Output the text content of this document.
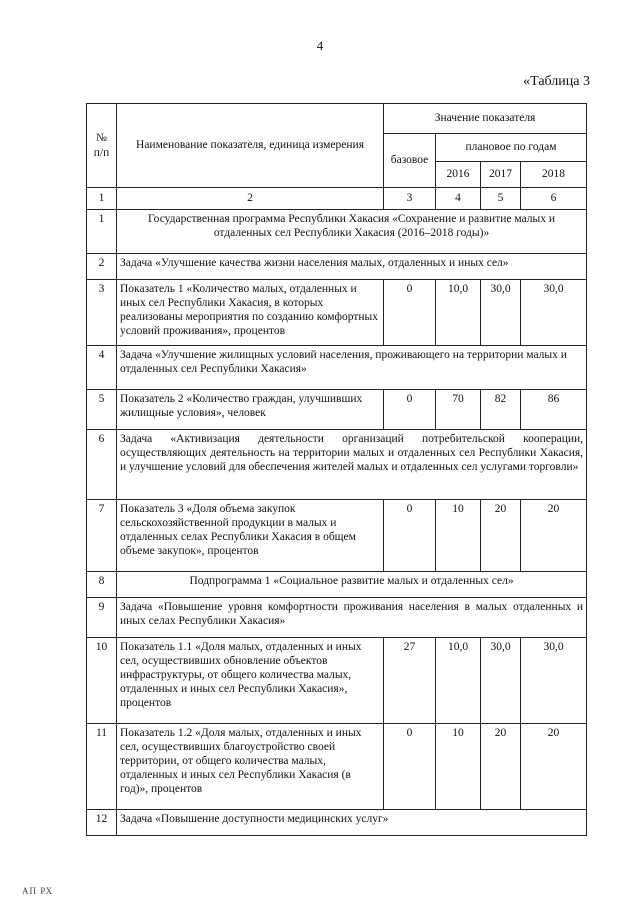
4
«Таблица 3
№ п/п	Наименование показателя, единица измерения	Значение показателя			
		базовое	плановое по годам		
			2016	2017	2018
1	2	3	4	5	6
1	Государственная программа Республики Хакасия «Сохранение и развитие малых и отдаленных сел Республики Хакасия (2016–2018 годы)»				
2	Задача «Улучшение качества жизни населения малых, отдаленных и иных сел»				
3	Показатель 1 «Количество малых, отдаленных и иных сел Республики Хакасия, в которых реализованы мероприятия по созданию комфортных условий проживания», процентов	0	10,0	30,0	30,0
4	Задача «Улучшение жилищных условий населения, проживающего на территории малых и отдаленных сел Республики Хакасия»				
5	Показатель 2 «Количество граждан, улучшивших жилищные условия», человек	0	70	82	86
6	Задача «Активизация деятельности организаций потребительской кооперации, осуществляющих деятельность на территории малых и отдаленных сел Республики Хакасия, и улучшение условий для обеспечения жителей малых и отдаленных сел услугами торговли»				
7	Показатель 3 «Доля объема закупок сельскохозяйственной продукции в малых и отдаленных селах Республики Хакасия в общем объеме закупок», процентов	0	10	20	20
8	Подпрограмма 1 «Социальное развитие малых и отдаленных сел»				
9	Задача «Повышение уровня комфортности проживания населения в малых отдаленных и иных селах Республики Хакасия»				
10	Показатель 1.1 «Доля малых, отдаленных и иных сел, осуществивших обновление объектов инфраструктуры, от общего количества малых, отдаленных и иных сел Республики Хакасия», процентов	27	10,0	30,0	30,0
11	Показатель 1.2 «Доля малых, отдаленных и иных сел, осуществивших благоустройство своей территории, от общего количества малых, отдаленных и иных сел Республики Хакасия (в год)», процентов	0	10	20	20
12	Задача «Повышение доступности медицинских услуг»				
АП РХ
